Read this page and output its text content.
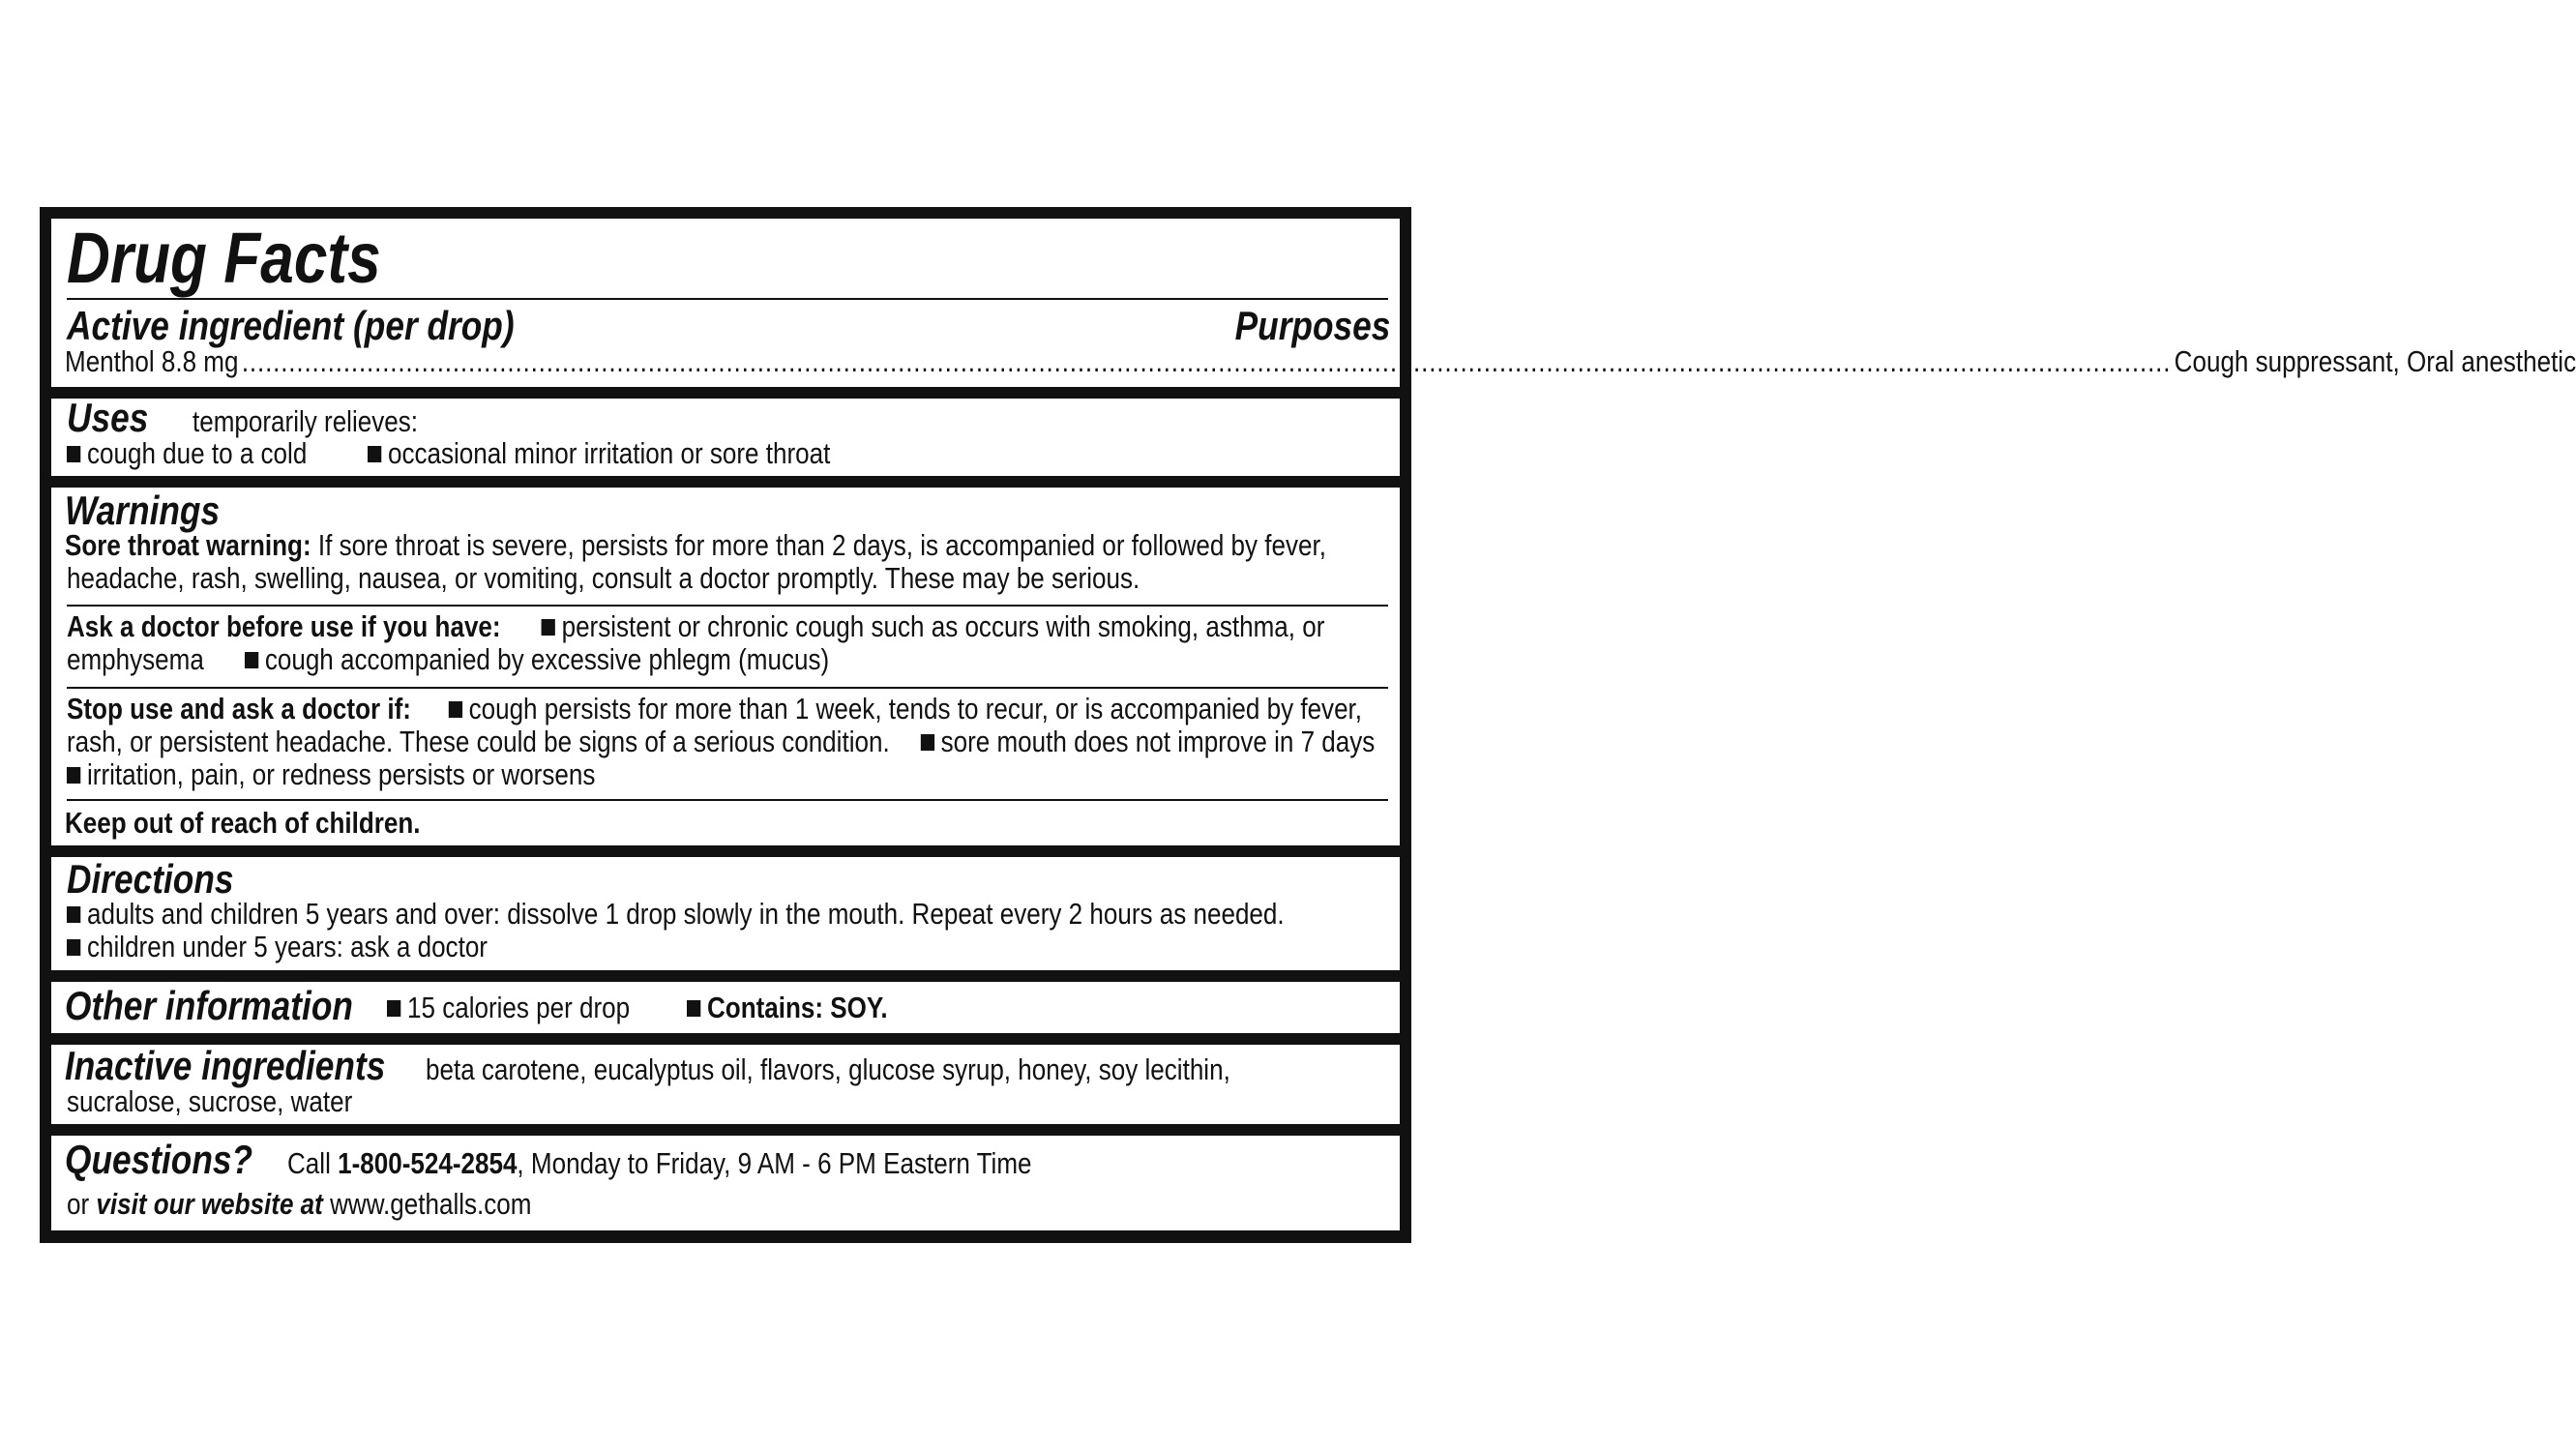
Drug Facts
Active ingredient (per drop)	Purposes
Menthol 8.8 mg ....................................................................................................................................................................................................................................................... Cough suppressant, Oral anesthetic
Uses	temporarily relieves:
cough due to a cold	occasional minor irritation or sore throat
Warnings
Sore throat warning: If sore throat is severe, persists for more than 2 days, is accompanied or followed by fever,
headache, rash, swelling, nausea, or vomiting, consult a doctor promptly. These may be serious.
Ask a doctor before use if you have: persistent or chronic cough such as occurs with smoking, asthma, or
emphysema cough accompanied by excessive phlegm (mucus)
Stop use and ask a doctor if: cough persists for more than 1 week, tends to recur, or is accompanied by fever,
rash, or persistent headache. These could be signs of a serious condition. sore mouth does not improve in 7 days
irritation, pain, or redness persists or worsens
Keep out of reach of children.
Directions
adults and children 5 years and over: dissolve 1 drop slowly in the mouth. Repeat every 2 hours as needed.
children under 5 years: ask a doctor
Other information	15 calories per drop	Contains: SOY.
Inactive ingredients	beta carotene, eucalyptus oil, flavors, glucose syrup, honey, soy lecithin,
sucralose, sucrose, water
Questions?	Call 1-800-524-2854, Monday to Friday, 9 AM - 6 PM Eastern Time
or visit our website at www.gethalls.com
